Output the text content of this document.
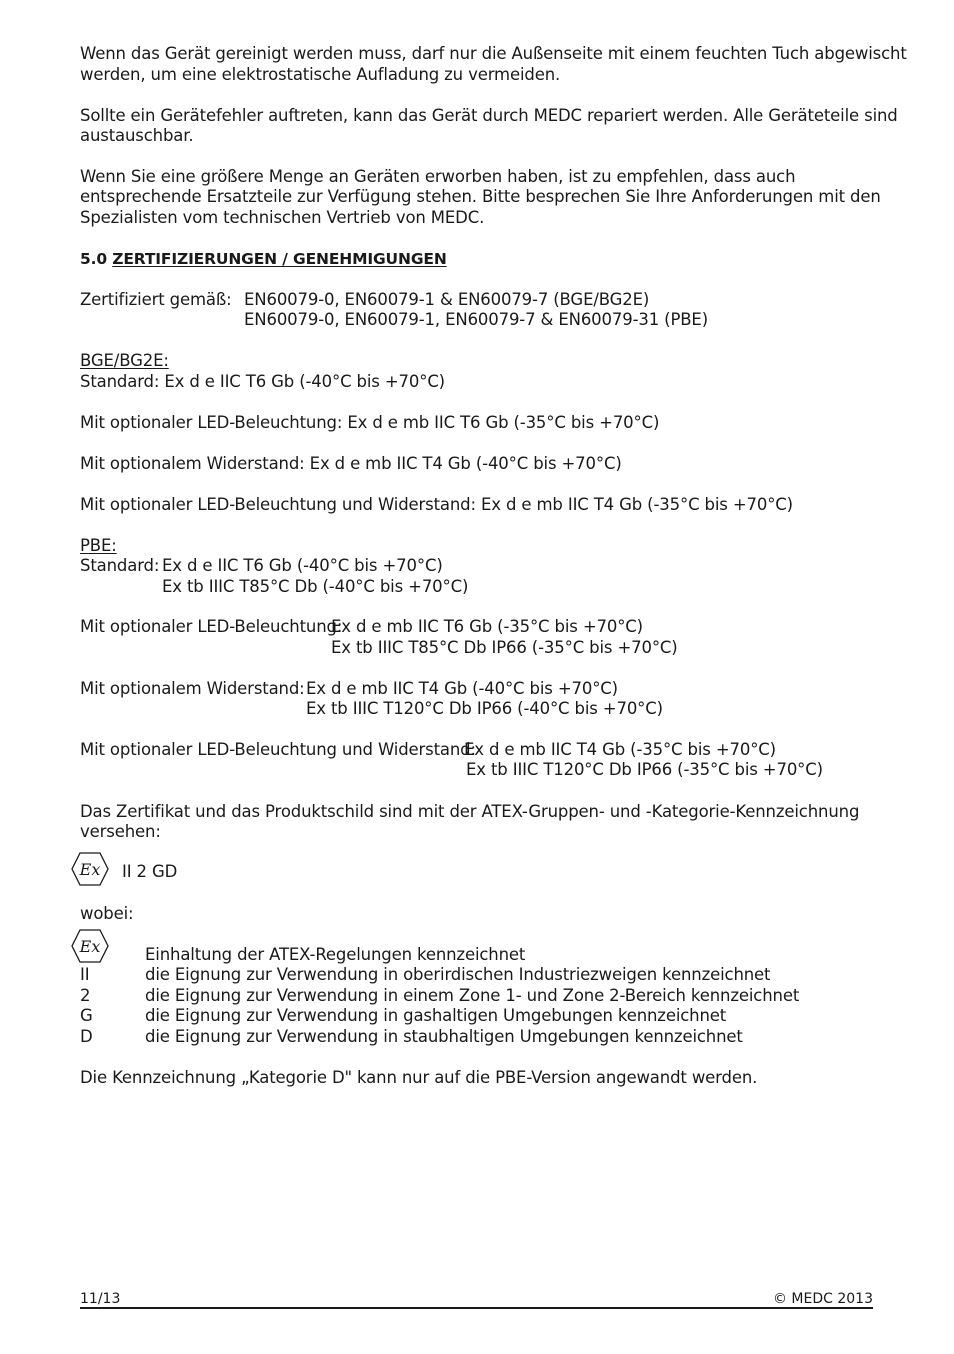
Wenn das Gerät gereinigt werden muss, darf nur die Außenseite mit einem feuchten Tuch abgewischt
werden, um eine elektrostatische Aufladung zu vermeiden.
Sollte ein Gerätefehler auftreten, kann das Gerät durch MEDC repariert werden. Alle Geräteteile sind
austauschbar.
Wenn Sie eine größere Menge an Geräten erworben haben, ist zu empfehlen, dass auch
entsprechende Ersatzteile zur Verfügung stehen. Bitte besprechen Sie Ihre Anforderungen mit den
Spezialisten vom technischen Vertrieb von MEDC.
5.0 ZERTIFIZIERUNGEN / GENEHMIGUNGEN
Zertifiziert gemäß: EN60079-0, EN60079-1 & EN60079-7 (BGE/BG2E)
EN60079-0, EN60079-1, EN60079-7 & EN60079-31 (PBE)
BGE/BG2E:
Standard: Ex d e IIC T6 Gb (-40°C bis +70°C)
Mit optionaler LED-Beleuchtung: Ex d e mb IIC T6 Gb (-35°C bis +70°C)
Mit optionalem Widerstand: Ex d e mb IIC T4 Gb (-40°C bis +70°C)
Mit optionaler LED-Beleuchtung und Widerstand: Ex d e mb IIC T4 Gb (-35°C bis +70°C)
PBE:
Standard: Ex d e IIC T6 Gb (-40°C bis +70°C)
Ex tb IIIC T85°C Db (-40°C bis +70°C)
Mit optionaler LED-Beleuchtung:
Ex d e mb IIC T6 Gb (-35°C bis +70°C)
Ex tb IIIC T85°C Db IP66 (-35°C bis +70°C)
Mit optionalem Widerstand: Ex d e mb IIC T4 Gb (-40°C bis +70°C)
Ex tb IIIC T120°C Db IP66 (-40°C bis +70°C)
Mit optionaler LED-Beleuchtung und Widerstand:
Ex d e mb IIC T4 Gb (-35°C bis +70°C)
Ex tb IIIC T120°C Db IP66 (-35°C bis +70°C)
Das Zertifikat und das Produktschild sind mit der ATEX-Gruppen- und -Kategorie-Kennzeichnung
versehen:
Ex II 2 GD
wobei:
Ex	Einhaltung der ATEX-Regelungen kennzeichnet
II	die Eignung zur Verwendung in oberirdischen Industriezweigen kennzeichnet
2	die Eignung zur Verwendung in einem Zone 1- und Zone 2-Bereich kennzeichnet
G	die Eignung zur Verwendung in gashaltigen Umgebungen kennzeichnet
D	die Eignung zur Verwendung in staubhaltigen Umgebungen kennzeichnet
Die Kennzeichnung „Kategorie D" kann nur auf die PBE-Version angewandt werden.
11/13	© MEDC 2013
